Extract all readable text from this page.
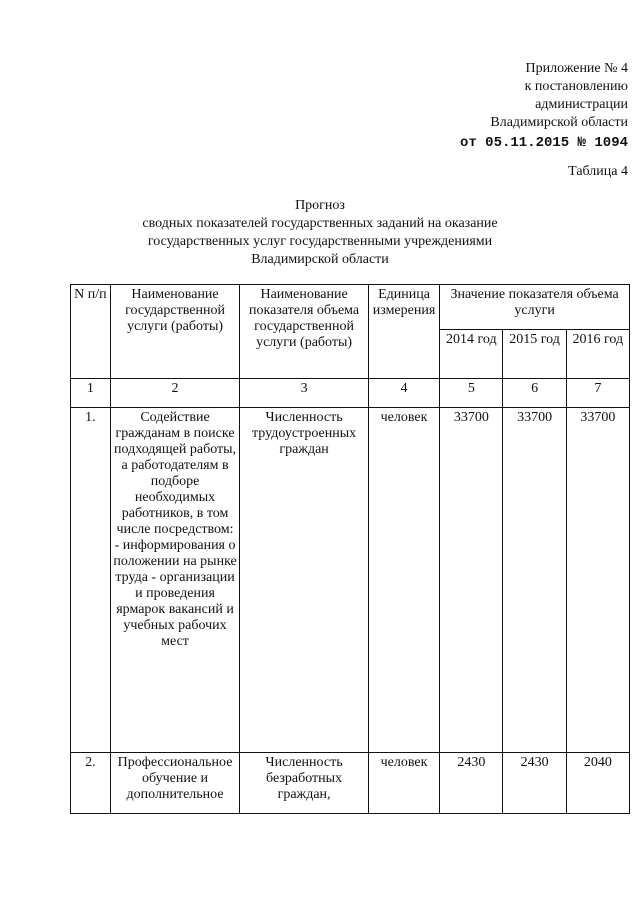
Приложение № 4
к постановлению
администрации
Владимирской области
от 05.11.2015 № 1094
Таблица 4
Прогноз
сводных показателей государственных заданий на оказание
государственных услуг государственными учреждениями
Владимирской области
N п/п	Наименование государственной услуги (работы)	Наименование показателя объема государственной услуги (работы)	Единица измерения	Значение показателя объема услуги		
				2014 год	2015 год	2016 год
1	2	3	4	5	6	7
1.	Содействие гражданам в поиске подходящей работы, а работодателям в подборе необходимых работников, в том числе посредством: - информирования о положении на рынке труда - организации и проведения ярмарок вакансий и учебных рабочих мест	Численность трудоустроенных граждан	человек	33700	33700	33700
2.	Профессиональное обучение и дополнительное	Численность безработных граждан,	человек	2430	2430	2040
